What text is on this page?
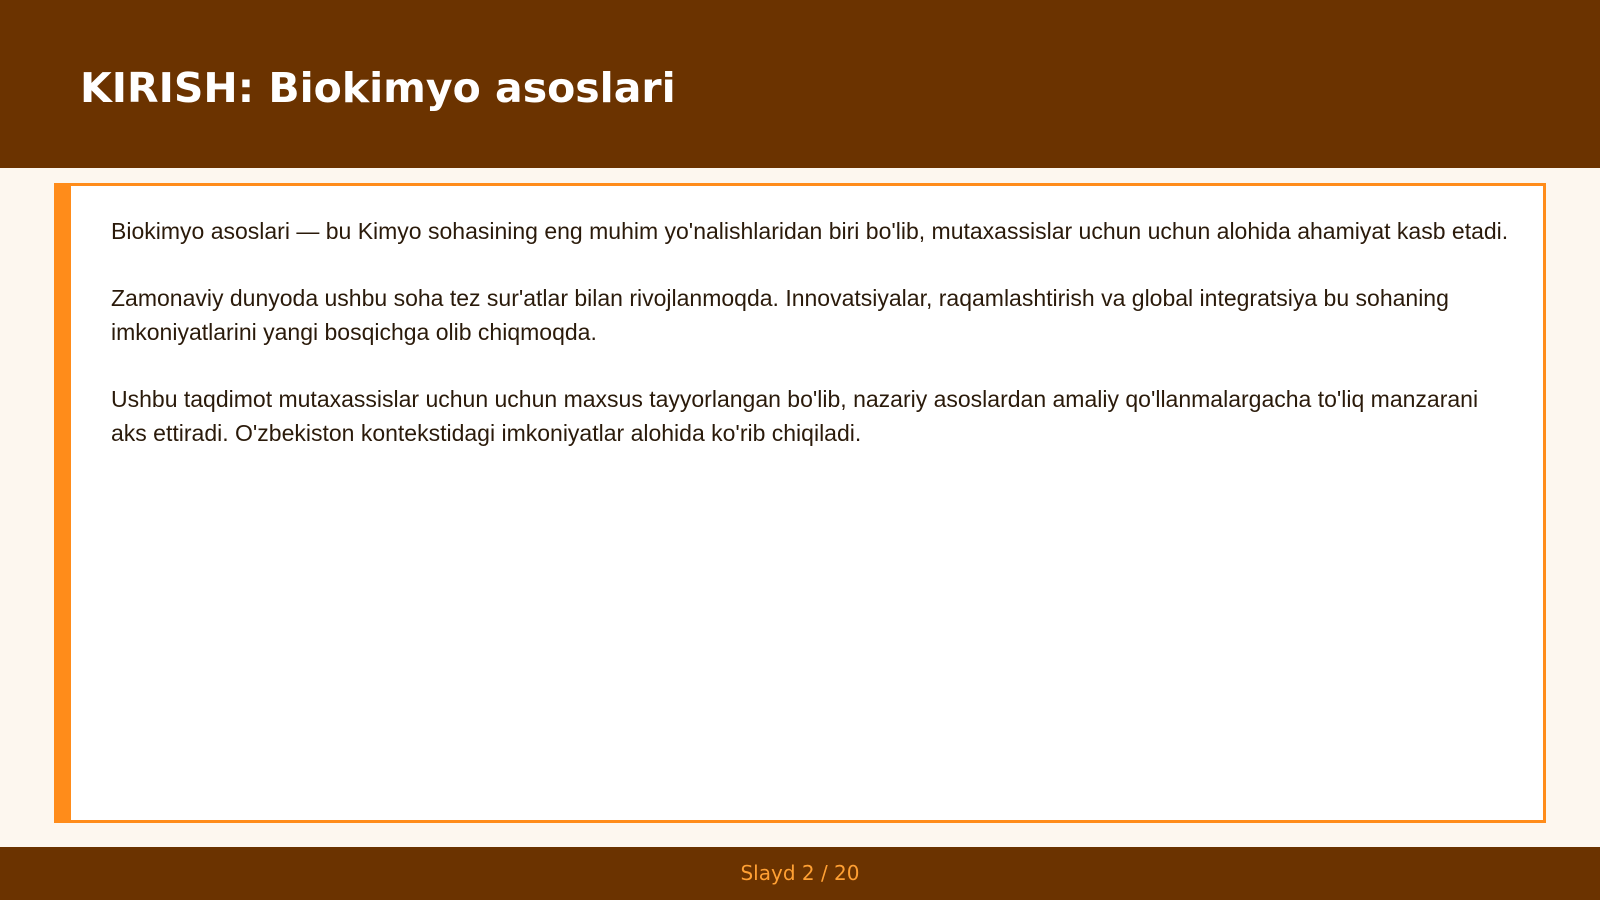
KIRISH: Biokimyo asoslari

Biokimyo asoslari — bu Kimyo sohasining eng muhim yo'nalishlaridan biri bo'lib, mutaxassislar uchun uchun alohida ahamiyat kasb etadi.

Zamonaviy dunyoda ushbu soha tez sur'atlar bilan rivojlanmoqda. Innovatsiyalar, raqamlashtirish va global integratsiya bu sohaning imkoniyatlarini yangi bosqichga olib chiqmoqda.

Ushbu taqdimot mutaxassislar uchun uchun maxsus tayyorlangan bo'lib, nazariy asoslardan amaliy qo'llanmalargacha to'liq manzarani aks ettiradi. O'zbekiston kontekstidagi imkoniyatlar alohida ko'rib chiqiladi.

Slayd 2 / 20
